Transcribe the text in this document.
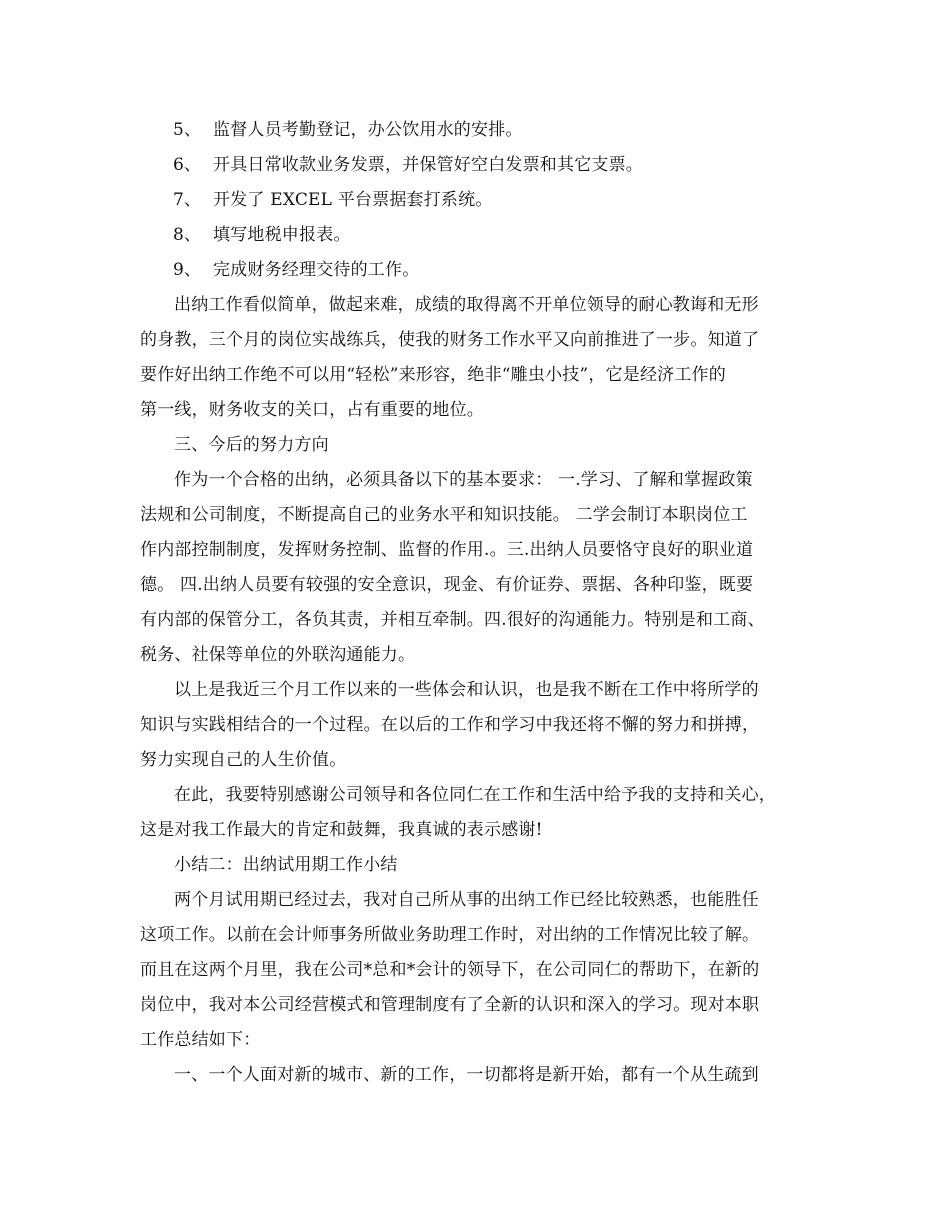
5、 监督人员考勤登记，办公饮用水的安排。
6、 开具日常收款业务发票，并保管好空白发票和其它支票。
7、 开发了 EXCEL 平台票据套打系统。
8、 填写地税申报表。
9、 完成财务经理交待的工作。
出纳工作看似简单，做起来难，成绩的取得离不开单位领导的耐心教诲和无形
的身教，三个月的岗位实战练兵，使我的财务工作水平又向前推进了一步。知道了
要作好出纳工作绝不可以用“轻松”来形容，绝非“雕虫小技”，它是经济工作的
第一线，财务收支的关口，占有重要的地位。
三、今后的努力方向
作为一个合格的出纳，必须具备以下的基本要求： 一.学习、了解和掌握政策
法规和公司制度，不断提高自己的业务水平和知识技能。 二学会制订本职岗位工
作内部控制制度，发挥财务控制、监督的作用.。三.出纳人员要恪守良好的职业道
德。 四.出纳人员要有较强的安全意识，现金、有价证券、票据、各种印鉴，既要
有内部的保管分工，各负其责，并相互牵制。四.很好的沟通能力。特别是和工商、
税务、社保等单位的外联沟通能力。
以上是我近三个月工作以来的一些体会和认识，也是我不断在工作中将所学的
知识与实践相结合的一个过程。在以后的工作和学习中我还将不懈的努力和拼搏，
努力实现自己的人生价值。
在此，我要特别感谢公司领导和各位同仁在工作和生活中给予我的支持和关心，
这是对我工作最大的肯定和鼓舞，我真诚的表示感谢!
小结二：出纳试用期工作小结
两个月试用期已经过去，我对自己所从事的出纳工作已经比较熟悉，也能胜任
这项工作。以前在会计师事务所做业务助理工作时，对出纳的工作情况比较了解。
而且在这两个月里，我在公司*总和*会计的领导下，在公司同仁的帮助下，在新的
岗位中，我对本公司经营模式和管理制度有了全新的认识和深入的学习。现对本职
工作总结如下：
一、一个人面对新的城市、新的工作，一切都将是新开始，都有一个从生疏到
